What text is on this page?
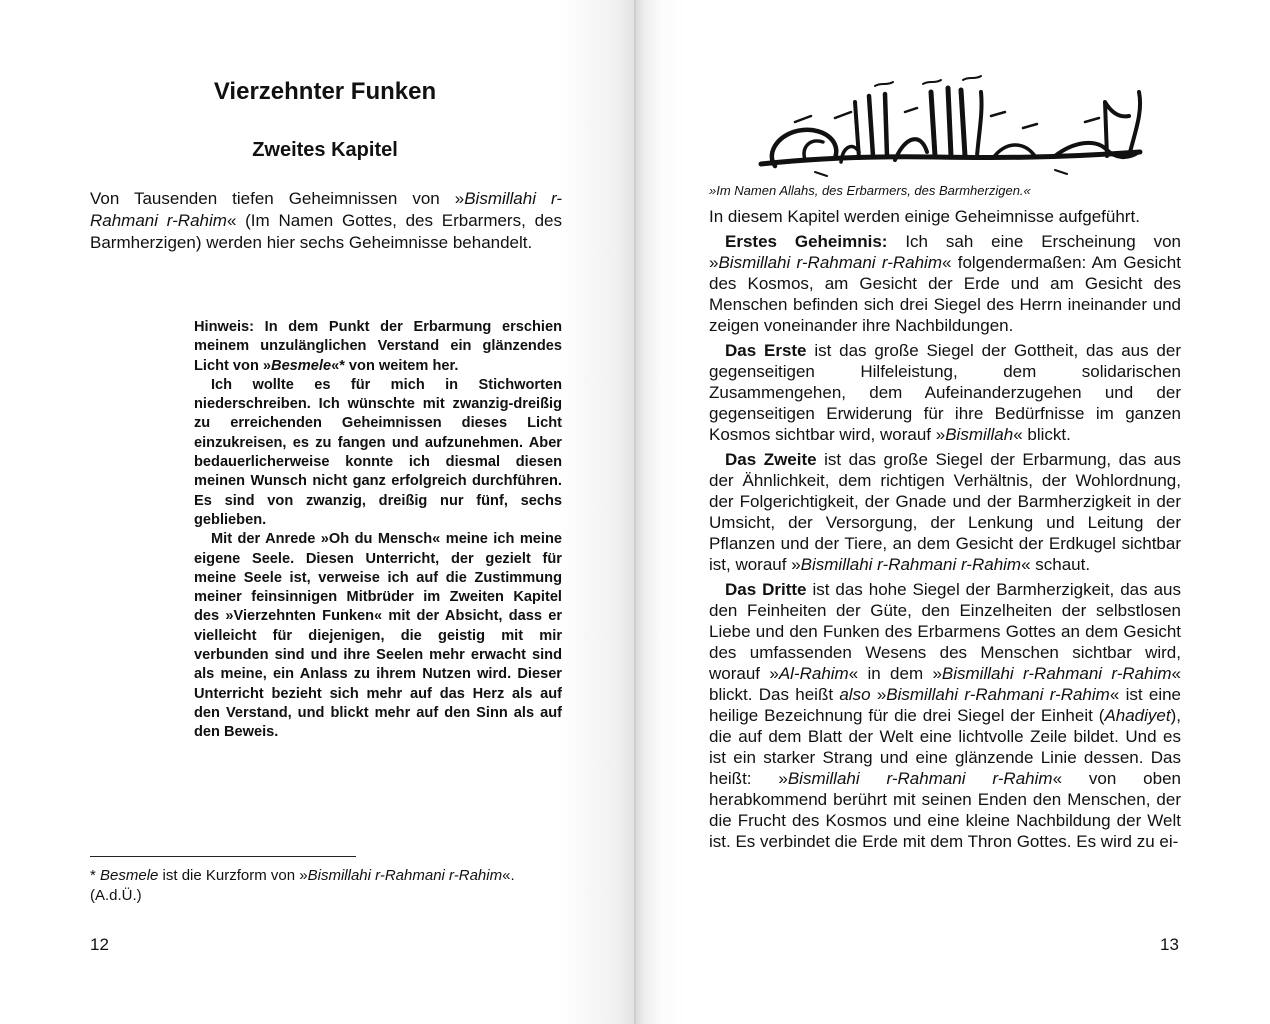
Vierzehnter Funken
Zweites Kapitel

Von Tausenden tiefen Geheimnissen von »Bismillahi r-Rahmani r-Rahim« (Im Namen Gottes, des Erbarmers, des Barmherzigen) werden hier sechs Geheimnisse behandelt.

Hinweis: In dem Punkt der Erbarmung erschien meinem unzulänglichen Verstand ein glänzendes Licht von »Besmele«* von weitem her.

Ich wollte es für mich in Stichworten niederschreiben. Ich wünschte mit zwanzig-dreißig zu erreichenden Geheimnissen dieses Licht einzukreisen, es zu fangen und aufzunehmen. Aber bedauerlicherweise konnte ich diesmal diesen meinen Wunsch nicht ganz erfolgreich durchführen. Es sind von zwanzig, dreißig nur fünf, sechs geblieben.

Mit der Anrede »Oh du Mensch« meine ich meine eigene Seele. Diesen Unterricht, der gezielt für meine Seele ist, verweise ich auf die Zustimmung meiner feinsinnigen Mitbrüder im Zweiten Kapitel des »Vierzehnten Funken« mit der Absicht, dass er vielleicht für diejenigen, die geistig mit mir verbunden sind und ihre Seelen mehr erwacht sind als meine, ein Anlass zu ihrem Nutzen wird. Dieser Unterricht bezieht sich mehr auf das Herz als auf den Verstand, und blickt mehr auf den Sinn als auf den Beweis.

* Besmele ist die Kurzform von »Bismillahi r-Rahmani r-Rahim«. (A.d.Ü.)

12

»Im Namen Allahs, des Erbarmers, des Barmherzigen.«

In diesem Kapitel werden einige Geheimnisse aufgeführt.

Erstes Geheimnis: Ich sah eine Erscheinung von »Bismillahi r-Rahmani r-Rahim« folgendermaßen: Am Gesicht des Kosmos, am Gesicht der Erde und am Gesicht des Menschen befinden sich drei Siegel des Herrn ineinander und zeigen voneinander ihre Nachbildungen.

Das Erste ist das große Siegel der Gottheit, das aus der gegenseitigen Hilfeleistung, dem solidarischen Zusammengehen, dem Aufeinanderzugehen und der gegenseitigen Erwiderung für ihre Bedürfnisse im ganzen Kosmos sichtbar wird, worauf »Bismillah« blickt.

Das Zweite ist das große Siegel der Erbarmung, das aus der Ähnlichkeit, dem richtigen Verhältnis, der Wohlordnung, der Folgerichtigkeit, der Gnade und der Barmherzigkeit in der Umsicht, der Versorgung, der Lenkung und Leitung der Pflanzen und der Tiere, an dem Gesicht der Erdkugel sichtbar ist, worauf »Bismillahi r-Rahmani r-Rahim« schaut.

Das Dritte ist das hohe Siegel der Barmherzigkeit, das aus den Feinheiten der Güte, den Einzelheiten der selbstlosen Liebe und den Funken des Erbarmens Gottes an dem Gesicht des umfassenden Wesens des Menschen sichtbar wird, worauf »Al-Rahim« in dem »Bismillahi r-Rahmani r-Rahim« blickt. Das heißt also »Bismillahi r-Rahmani r-Rahim« ist eine heilige Bezeichnung für die drei Siegel der Einheit (Ahadiyet), die auf dem Blatt der Welt eine lichtvolle Zeile bildet. Und es ist ein starker Strang und eine glänzende Linie dessen. Das heißt: »Bismillahi r-Rahmani r-Rahim« von oben herabkommend berührt mit seinen Enden den Menschen, der die Frucht des Kosmos und eine kleine Nachbildung der Welt ist. Es verbindet die Erde mit dem Thron Gottes. Es wird zu ei-

13
